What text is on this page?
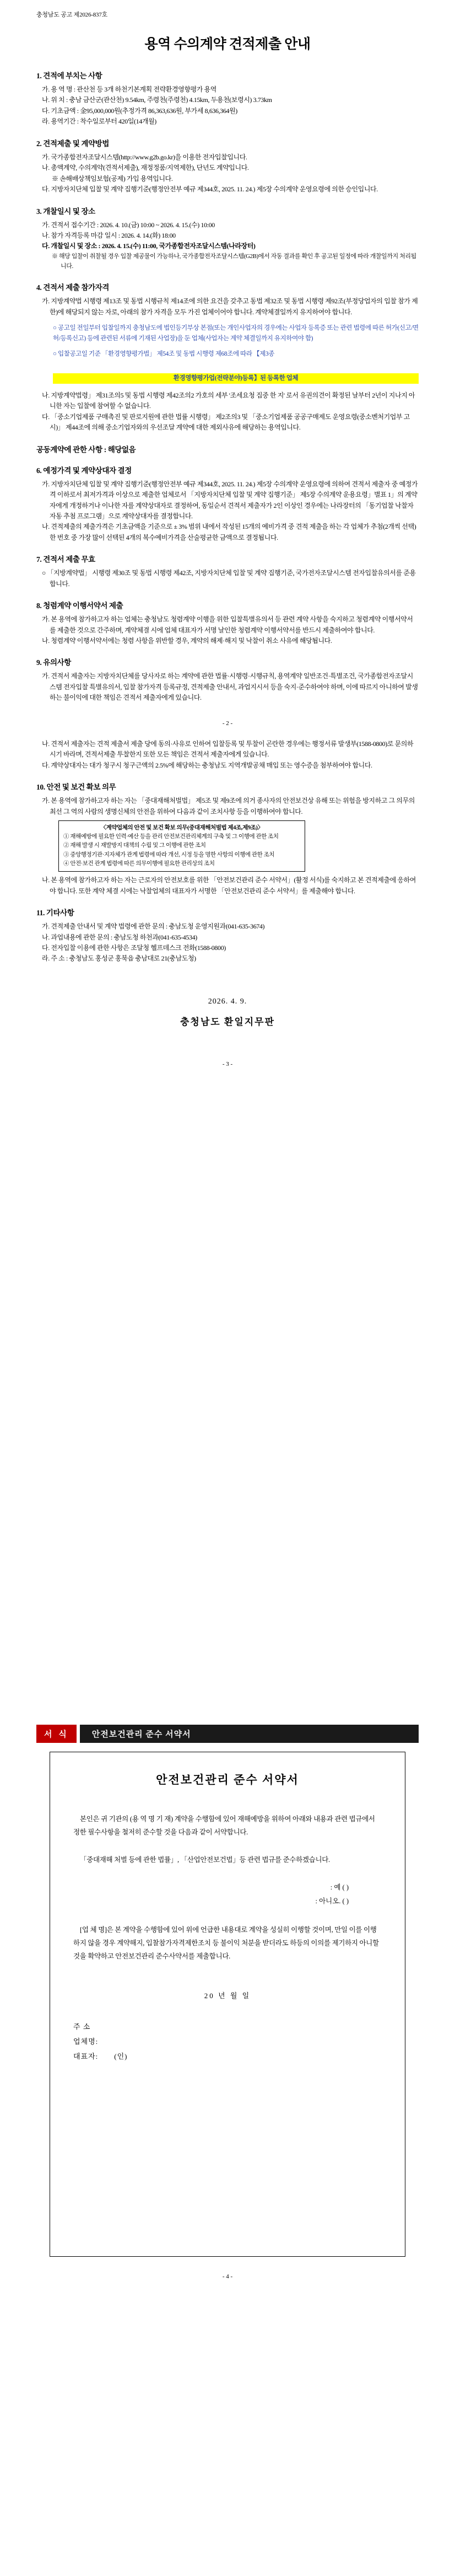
충청남도 공고 제2026-837호
용역 수의계약 견적제출 안내
1. 견적에 부치는 사항
가. 용 역 명 : 관산천 등 3개 하천기본계획 전략환경영향평가 용역
나. 위 치 : 충남 금산군(관산천) 9.54km, 주령천(주령천) 4.15km, 두용천(보령시) 3.73km
다. 기초금액 : 金95,000,000원(추정가격 86,363,636원, 부가세 8,636,364원)
라. 용역기간 : 착수일로부터 420일(14개월)
2. 견적제출 및 계약방법
가. 국가종합전자조달시스템(http://www.g2b.go.kr)을 이용한 전자입찰입니다.
나. 총액계약, 수의계약(견적서제출), 재정정품/지역제한), 단년도 계약입니다.
※ 손해배상책임보험(공제) 가입 용역입니다.
다. 지방자치단체 입찰 및 계약 집행기준(행정안전부 예규 제344호, 2025. 11. 24.) 제5장 수의계약 운영요령에 의한 승인입니다.
3. 개찰일시 및 장소
가. 견적서 접수기간 : 2026. 4. 10.(금) 10:00 ~ 2026. 4. 15.(수) 10:00
나. 참가 자격등록 마감 일시 : 2026. 4. 14.(화) 18:00
다. 개찰일시 및 장소 : 2026. 4. 15.(수) 11:00, 국가종합전자조달시스템(나라장터)
※ 해당 입찰이 취찰될 경우 입찰 제공물이 가능하나, 국가종합전자조달시스템(G2B)에서 자동 결과를 확인 후 공고된 일정에 따라 개찰일까지 처리됩니다.
4. 견적서 제출 참가자격
가. 지방계약법 시행령 제13조 및 동법 시행규칙 제14조에 의한 요건을 갖추고 동법 제32조 및 동법 시행령 제92조(부정당업자의 입찰 참가 제한)에 해당되지 않는 자로, 아래의 참가 자격을 모두 가진 업체이어야 합니다. 계약체결일까지 유지하여야 합니다.
○ 공고일 전일부터 입찰일까지 충청남도에 법인등기부상 본점(또는 개인사업자의 경우에는 사업자 등록증 또는 관련 법령에 따른 허가(신고/면허/등록신고) 등에 관련된 서류에 기재된 사업장)을 둔 업체(사업자는 계약 체결일까지 유지하여야 함)
○ 입찰공고일 기준 「환경영향평가법」 제54조 및 동법 시행령 제68조에 따라 【제3종
환경영향평가업(전략분야)등록】된 등록한 업체
나. 지방계약법령」 제31조의5 및 동법 시행령 제42조의2 가호의 세부 '조세요청 집중 한 지' 로서 유권의견이 확정된 날부터 2년이 지나지 아니한 자는 입찰에 참여할 수 없습니다.
다. 「중소기업제품 구매촉진 및 판로지원에 관한 법률 시행령」 제2조의3 및 「중소기업제품 공공구매제도 운영요령(중소벤처기업부 고시)」 제44조에 의해 중소기업자와의 우선조달 계약에 대한 제외사유에 해당하는 용역입니다.
공동계약에 관한 사항 : 해당없음
6. 예정가격 및 계약상대자 결정
가. 지방자치단체 입찰 및 계약 집행기준(행정안전부 예규 제344호, 2025. 11. 24.) 제5장 수의계약 운영요령에 의하여 견적서 제출자 중 예정가격 이하로서 최저가격과 이상으로 제출한 업체로서 「지방자치단체 입찰 및 계약 집행기준」 제5장 수의계약 운용요령」별표 1」의 계약자에게 개정하거나 이나한 자를 계약상대자로 결정하여, 동일순서 견적서 제출자가 2인 이상인 경우에는 나라장터의 「동기업찰 낙찰자 자동 추첨 프로그램」으로 계약상대자를 결정합니다.
나. 견적제출의 제출가격은 기초금액을 기준으로 ± 3% 범위 내에서 작성된 15개의 예비가격 중 견적 제출을 하는 각 업체가 추첨(2개씩 선택)한 번호 중 가장 많이 선택된 4개의 복수예비가격을 산술평균한 금액으로 결정됩니다.
7. 견적서 제출 무효
○ 「지방계약법」 시행령 제30조 및 동법 시행령 제42조, 지방자치단체 입찰 및 계약 집행기준, 국가전자조달시스템 전자입찰유의서를 준용합니다.
8. 청렴계약 이행서약서 제출
가. 본 용역에 참가하고자 하는 업체는 충청남도 청렴계약 이행을 위한 입찰특별유의서 등 관련 계약 사항을 숙지하고 청렴계약 이행서약서를 제출한 것으로 간주하며, 계약체결 시에 업체 대표자가 서명 날인한 청렴계약 이행서약서를 반드시 제출하여야 합니다.
나. 청렴계약 이행서약서에는 청렴 사항을 위반할 경우, 계약의 해제·해지 및 낙찰이 취소 사유에 해당됩니다.
9. 유의사항
가. 견적서 제출자는 지방자치단체를 당사자로 하는 계약에 관한 법률·시행령·시행규칙, 용역계약 일반조건·특별조건, 국가종합전자조달시스템 전자입찰 특별유의서, 입찰 참가자격 등록규정, 견적제출 안내서, 과업지시서 등을 숙지·준수하여야 하며, 이에 따르지 아니하여 발생하는 불이익에 대한 책임은 견적서 제출자에게 있습니다.
- 2 -
나. 견적서 제출자는 견적 제출서 제출 당에 동의·사유로 인하여 입찰등록 및 투찰이 곤란한 경우에는 행정서류 발생부(1588-0800)로 문의하시기 바라며, 견적서제출 투찰한지 또한 모든 책임은 견적서 제출자에게 있습니다.
다. 계약상대자는 대가 청구시 청구근액의 2.5%에 해당하는 충청남도 지역개발공채 매입 또는 영수증을 첨부하여야 합니다.
10. 안전 및 보건 확보 의무
가. 본 용역에 참가하고자 하는 자는 「중대재해처벌법」 제5조 및 제9조에 의거 종사자의 안전보건상 유해 또는 위험을 방지하고 그 의무의 최선 그 역의 사람의 생명신체의 안전을 위하여 다음과 같이 조치사항 등을 이행하여야 합니다.
〈계약업체의 안전 및 보건 확보 의무(중대재해처벌법 제4조,제9조)〉
① 재해예방에 필요한 인력·예산 등을 관리 안전보건관리체계의 구축 및 그 이행에 관한 조치
② 재해 발생 시 재발방지 대책의 수립 및 그 이행에 관한 조치
③ 중앙행정기관·지자체가 관계 법령에 따라 개선, 시정 등을 명한 사항의 이행에 관한 조치
④ 안전·보건 관계 법령에 따른 의무이행에 필요한 관리상의 조치
나. 본 용역에 참가하고자 하는 자는 근로자의 안전보호를 위한 「안전보건관리 준수 서약서」(활정 서식)를 숙지하고 본 견적제출에 응하여야 합니다. 또한 계약 체결 시에는 낙찰업체의 대표자가 서명한 「안전보건관리 준수 서약서」를 제출해야 합니다.
11. 기타사항
가. 견적제출 안내서 및 계약 법령에 관한 문의 : 충남도청 운영지원과(041-635-3674)
나. 과업내용에 관한 문의 : 충남도청 하천과(041-635-4534)
다. 전자입찰 이용에 관한 사항은 조달청 헬프데스크 전화(1588-0800)
라. 주 소 : 충청남도 홍성군 홍북읍 충남대로 21(충남도청)
2026. 4. 9.
충청남도 환일지무판
- 3 -
서 식	안전보건관리 준수 서약서
안전보건관리 준수 서약서
본인은 귀 기관의 (용 역 명 기 재) 계약을 수행함에 있어 재해예방을 위하여 아래와 내용과 관련 법규에서 정한 필수사항을 철저히 준수할 것을 다음과 같이 서약합니다.
「중대재해 처벌 등에 관한 법률」, 「산업안전보건법」등 관련 법규를 준수하겠습니다.
: 예 ( )
: 아니오. ( )
[업 체 명]은 본 계약을 수행함에 있어 위에 언급한 내용대로 계약을 성실히 이행할 것이며, 만일 이를 이행하지 않을 경우 계약해지, 입찰참가자격제한조치 등 불이익 처분을 받더라도 하등의 이의를 제기하지 아니할 것을 확약하고 안전보건관리 준수사약서를 제출합니다.
20 년 월 일
주 소
업체명:
대표자: (인)
- 4 -
